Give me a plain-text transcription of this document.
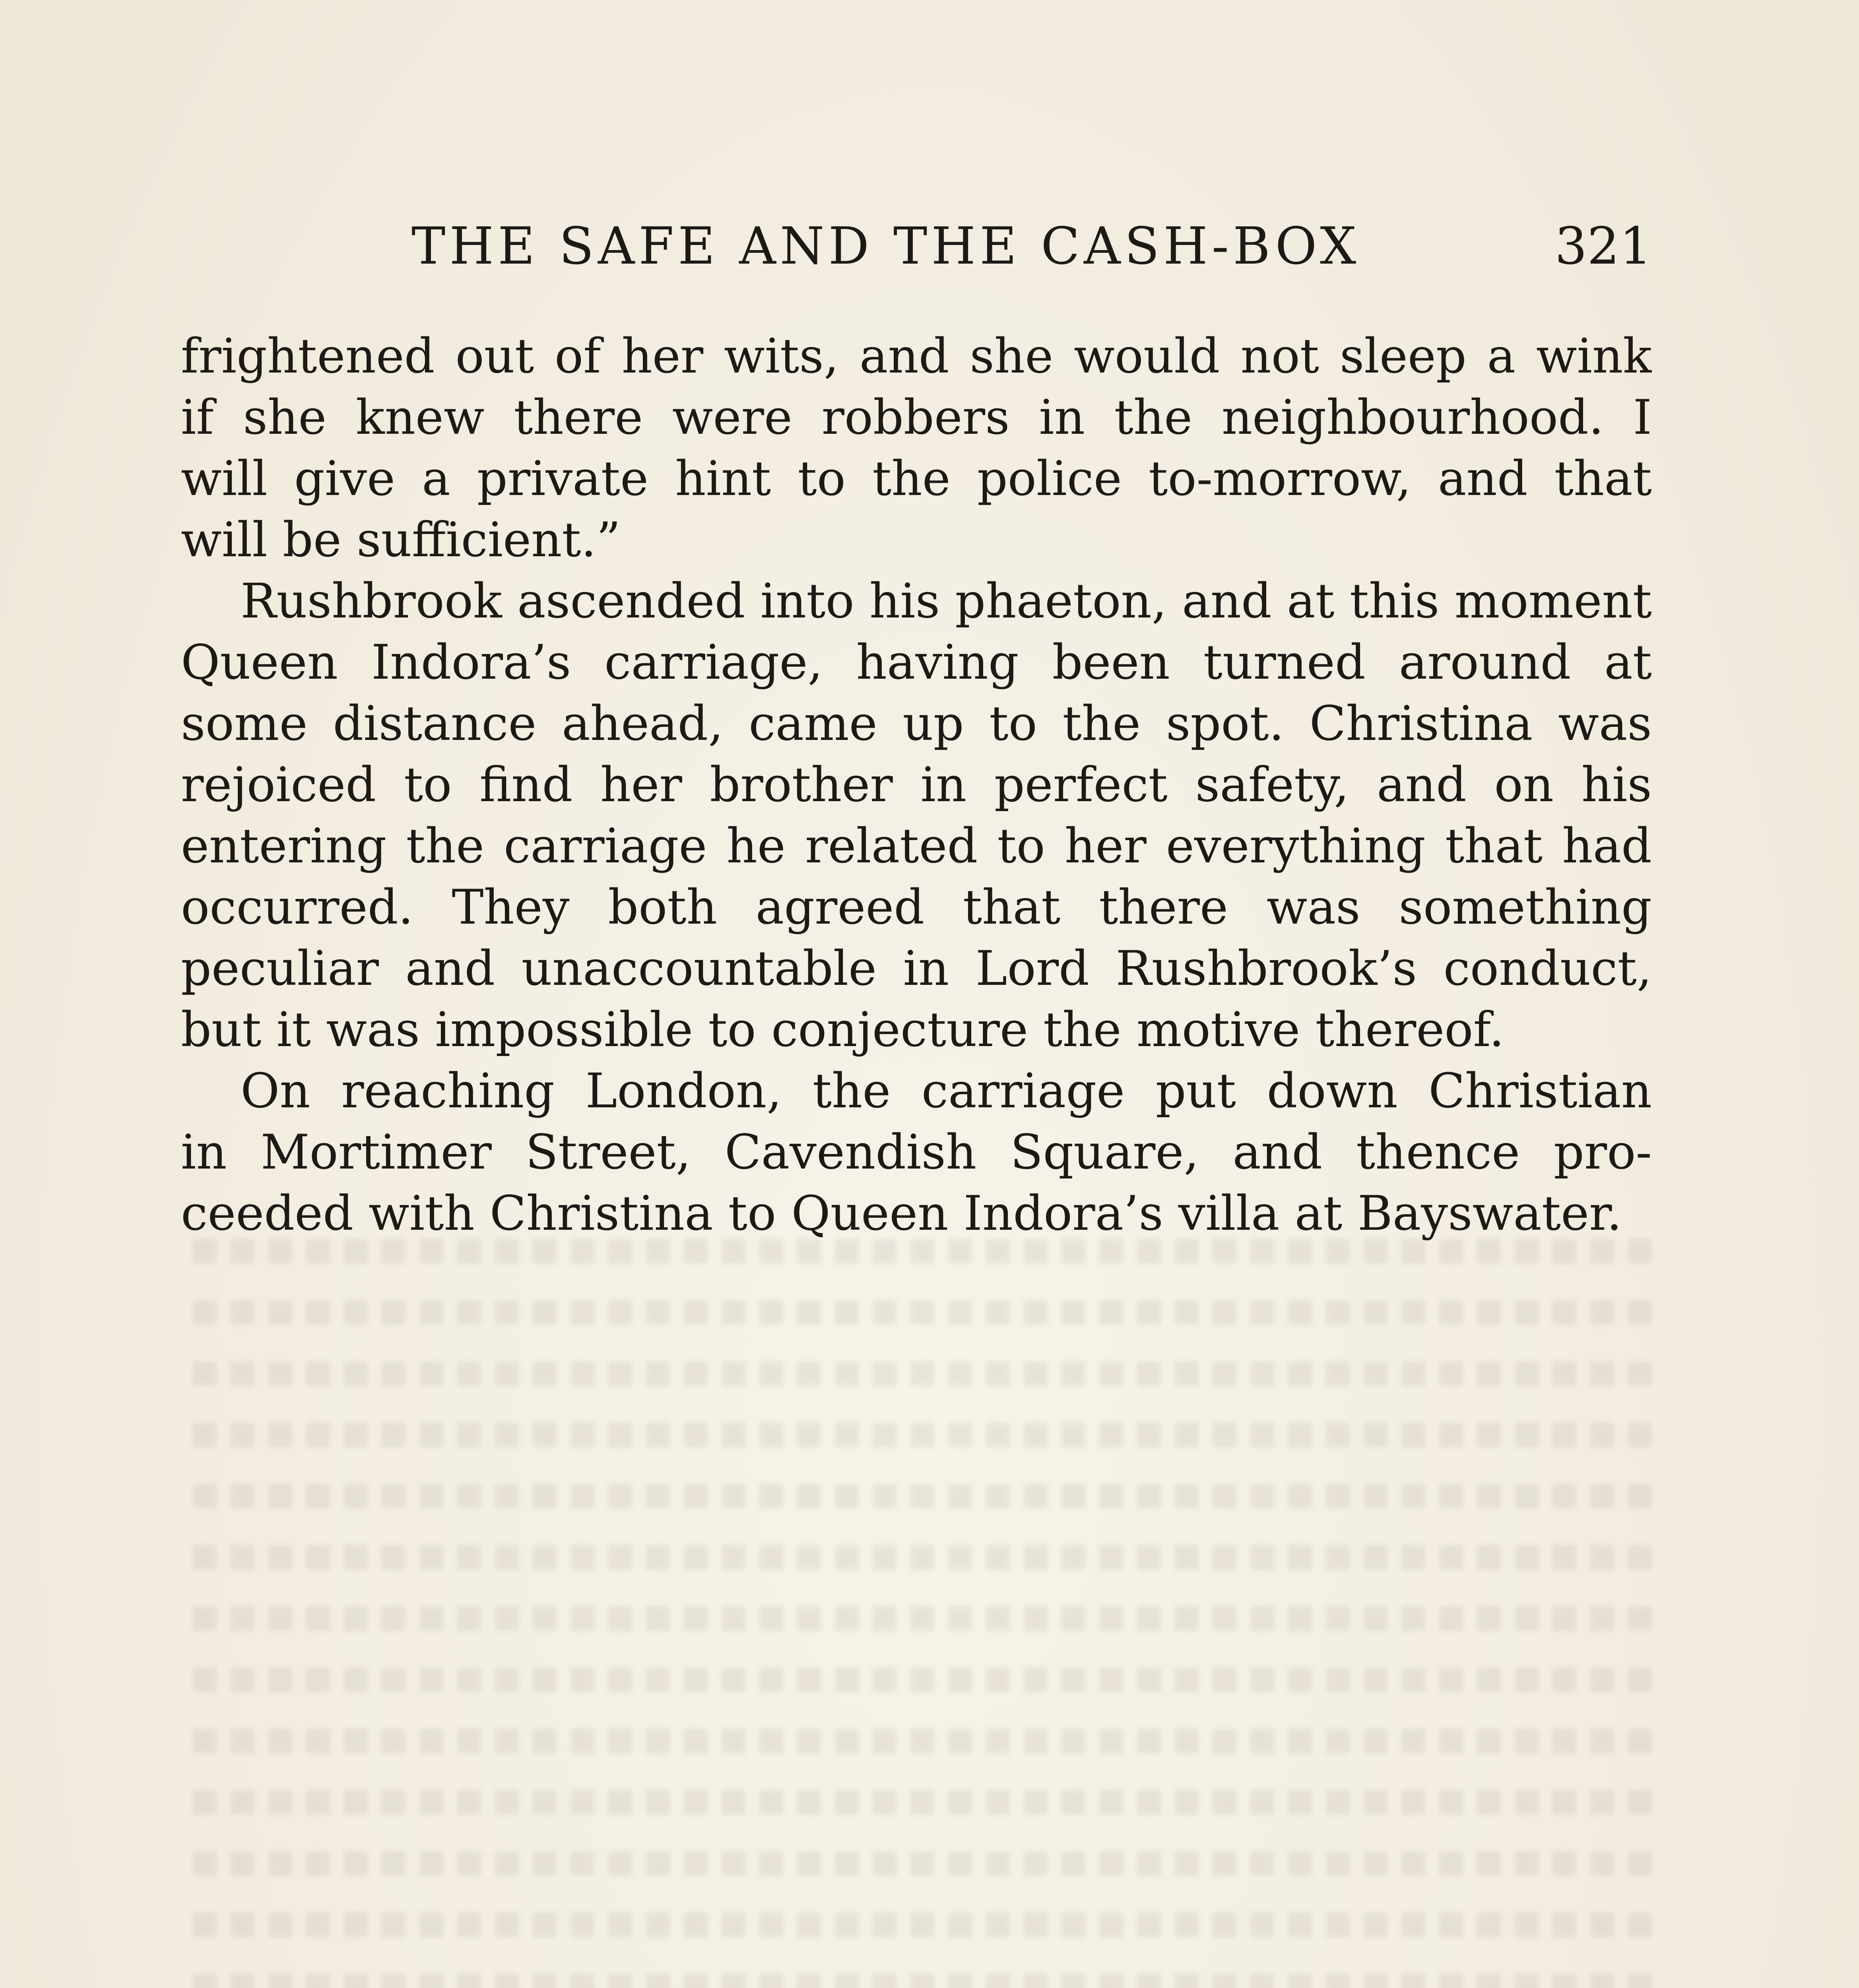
THE SAFE AND THE CASH-BOX	321
frightened out of her wits, and she would not sleep a wink
if she knew there were robbers in the neighbourhood. I
will give a private hint to the police to-morrow, and that
will be sufficient.”
Rushbrook ascended into his phaeton, and at this moment
Queen Indora’s carriage, having been turned around at
some distance ahead, came up to the spot. Christina was
rejoiced to find her brother in perfect safety, and on his
entering the carriage he related to her everything that had
occurred. They both agreed that there was something
peculiar and unaccountable in Lord Rushbrook’s conduct,
but it was impossible to conjecture the motive thereof.
On reaching London, the carriage put down Christian
in Mortimer Street, Cavendish Square, and thence pro-
ceeded with Christina to Queen Indora’s villa at Bayswater.
